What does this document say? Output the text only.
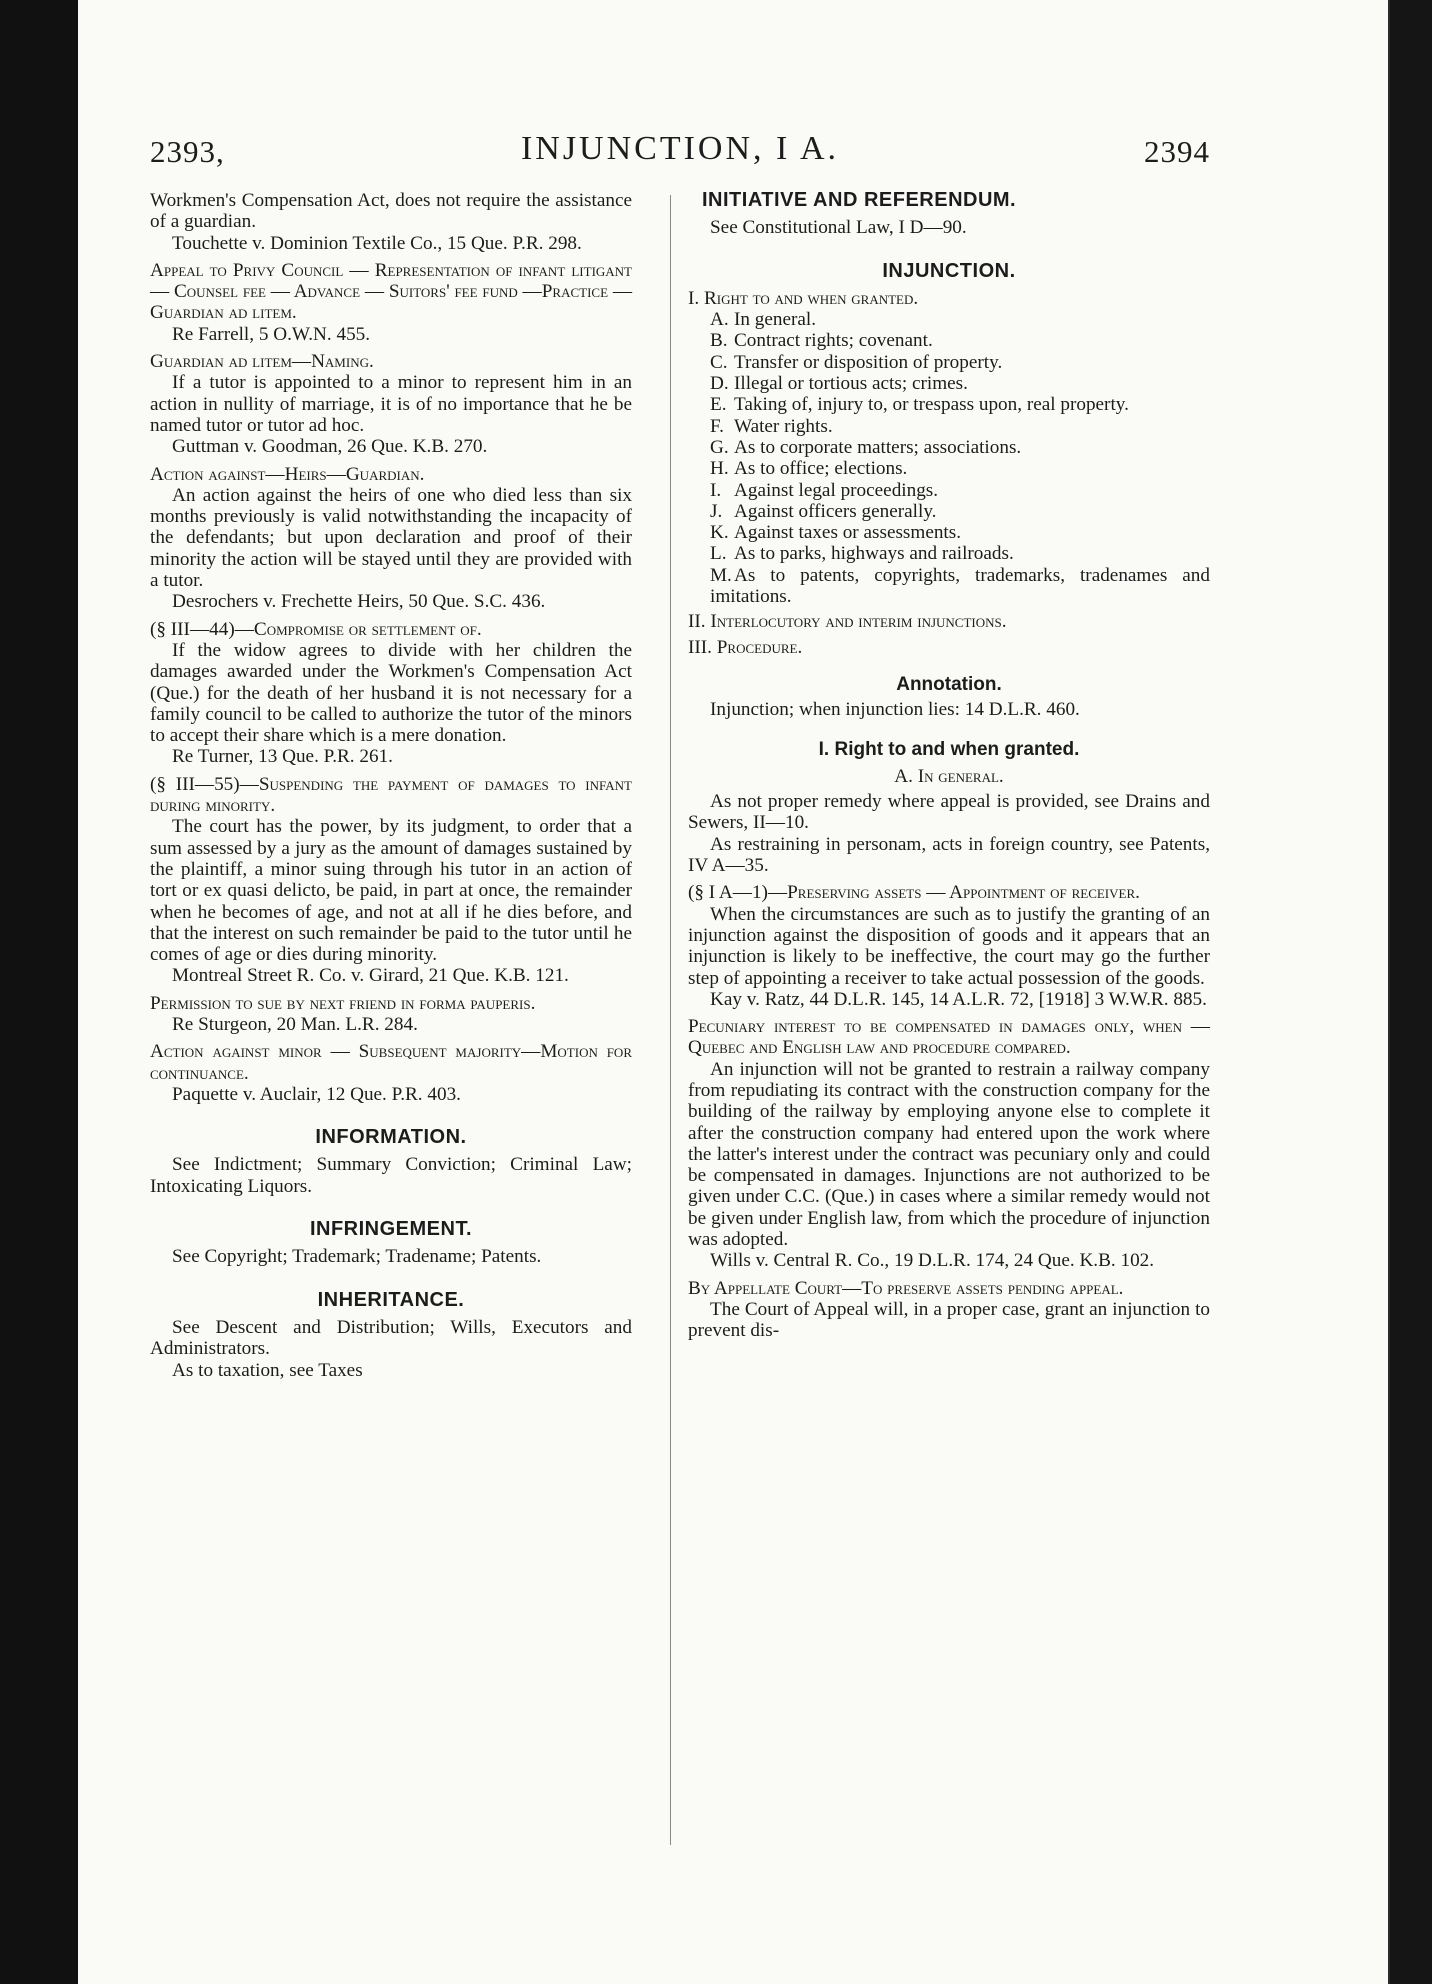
2393,	INJUNCTION, I A.	2394

Workmen's Compensation Act, does not require the assistance of a guardian.

Touchette v. Dominion Textile Co., 15 Que. P.R. 298.

Appeal to Privy Council — Representation of infant litigant — Counsel fee — Advance — Suitors' fee fund —Practice — Guardian ad litem.

Re Farrell, 5 O.W.N. 455.

Guardian ad litem—Naming.

If a tutor is appointed to a minor to represent him in an action in nullity of marriage, it is of no importance that he be named tutor or tutor ad hoc.

Guttman v. Goodman, 26 Que. K.B. 270.

Action against—Heirs—Guardian.

An action against the heirs of one who died less than six months previously is valid notwithstanding the incapacity of the defendants; but upon declaration and proof of their minority the action will be stayed until they are provided with a tutor.

Desrochers v. Frechette Heirs, 50 Que. S.C. 436.

(§ III—44)—Compromise or settlement of.

If the widow agrees to divide with her children the damages awarded under the Workmen's Compensation Act (Que.) for the death of her husband it is not necessary for a family council to be called to authorize the tutor of the minors to accept their share which is a mere donation.

Re Turner, 13 Que. P.R. 261.

(§ III—55)—Suspending the payment of damages to infant during minority.

The court has the power, by its judgment, to order that a sum assessed by a jury as the amount of damages sustained by the plaintiff, a minor suing through his tutor in an action of tort or ex quasi delicto, be paid, in part at once, the remainder when he becomes of age, and not at all if he dies before, and that the interest on such remainder be paid to the tutor until he comes of age or dies during minority.

Montreal Street R. Co. v. Girard, 21 Que. K.B. 121.

Permission to sue by next friend in forma pauperis.

Re Sturgeon, 20 Man. L.R. 284.

Action against minor — Subsequent majority—Motion for continuance.

Paquette v. Auclair, 12 Que. P.R. 403.

INFORMATION.

See Indictment; Summary Conviction; Criminal Law; Intoxicating Liquors.

INFRINGEMENT.

See Copyright; Trademark; Tradename; Patents.

INHERITANCE.

See Descent and Distribution; Wills, Executors and Administrators.

As to taxation, see Taxes

INITIATIVE AND REFERENDUM.

See Constitutional Law, I D—90.

INJUNCTION.
I. Right to and when granted.
A.In general.
B.Contract rights; covenant.
C.Transfer or disposition of property.
D.Illegal or tortious acts; crimes.
E.Taking of, injury to, or trespass upon, real property.
F.Water rights.
G.As to corporate matters; associations.
H.As to office; elections.
I.Against legal proceedings.
J.Against officers generally.
K.Against taxes or assessments.
L.As to parks, highways and railroads.
M.As to patents, copyrights, trademarks, tradenames and imitations.
II. Interlocutory and interim injunctions.
III. Procedure.
Annotation.

Injunction; when injunction lies: 14 D.L.R. 460.

I. Right to and when granted.
A. In general.

As not proper remedy where appeal is provided, see Drains and Sewers, II—10.

As restraining in personam, acts in foreign country, see Patents, IV A—35.

(§ I A—1)—Preserving assets — Appointment of receiver.

When the circumstances are such as to justify the granting of an injunction against the disposition of goods and it appears that an injunction is likely to be ineffective, the court may go the further step of appointing a receiver to take actual possession of the goods.

Kay v. Ratz, 44 D.L.R. 145, 14 A.L.R. 72, [1918] 3 W.W.R. 885.

Pecuniary interest to be compensated in damages only, when — Quebec and English law and procedure compared.

An injunction will not be granted to restrain a railway company from repudiating its contract with the construction company for the building of the railway by employing anyone else to complete it after the construction company had entered upon the work where the latter's interest under the contract was pecuniary only and could be compensated in damages. Injunctions are not authorized to be given under C.C. (Que.) in cases where a similar remedy would not be given under English law, from which the procedure of injunction was adopted.

Wills v. Central R. Co., 19 D.L.R. 174, 24 Que. K.B. 102.

By Appellate Court—To preserve assets pending appeal.

The Court of Appeal will, in a proper case, grant an injunction to prevent dis-
